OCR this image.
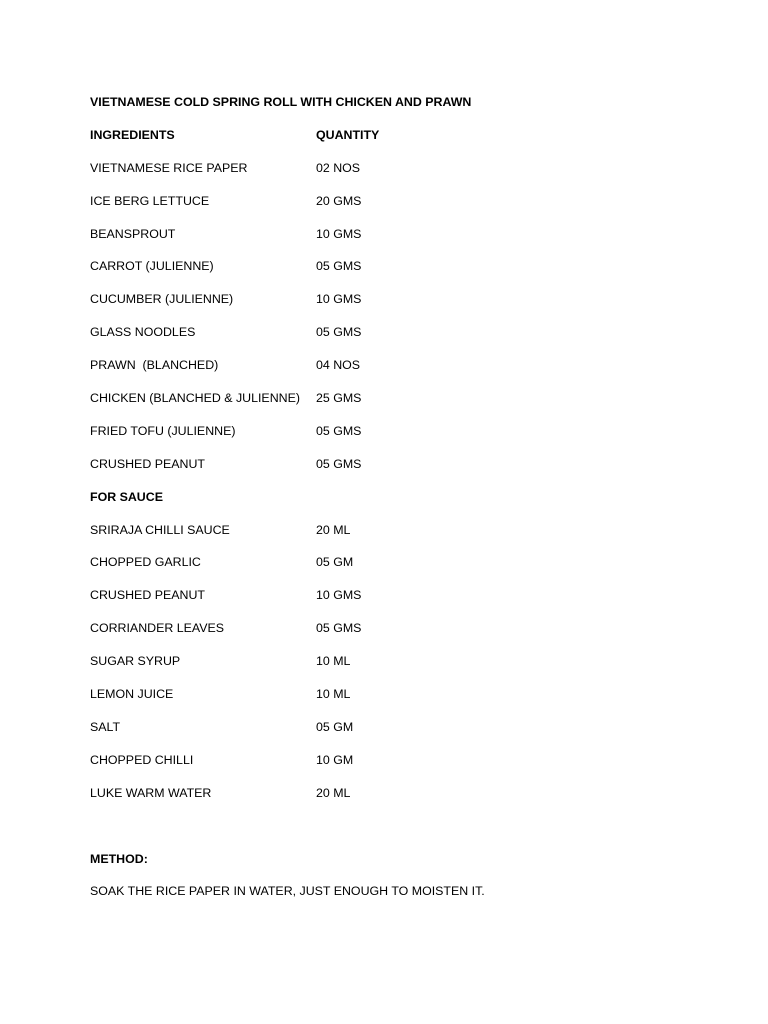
VIETNAMESE COLD SPRING ROLL WITH CHICKEN AND PRAWN
INGREDIENTS	QUANTITY
VIETNAMESE RICE PAPER	02 NOS
ICE BERG LETTUCE	20 GMS
BEANSPROUT	10 GMS
CARROT (JULIENNE)	05 GMS
CUCUMBER (JULIENNE)	10 GMS
GLASS NOODLES	05 GMS
PRAWN  (BLANCHED)	04 NOS
CHICKEN (BLANCHED & JULIENNE)	25 GMS
FRIED TOFU (JULIENNE)	05 GMS
CRUSHED PEANUT	05 GMS
FOR SAUCE
SRIRAJA CHILLI SAUCE	20 ML
CHOPPED GARLIC	05 GM
CRUSHED PEANUT	10 GMS
CORRIANDER LEAVES	05 GMS
SUGAR SYRUP	10 ML
LEMON JUICE	10 ML
SALT	05 GM
CHOPPED CHILLI	10 GM
LUKE WARM WATER	20 ML
METHOD:
SOAK THE RICE PAPER IN WATER, JUST ENOUGH TO MOISTEN IT.
